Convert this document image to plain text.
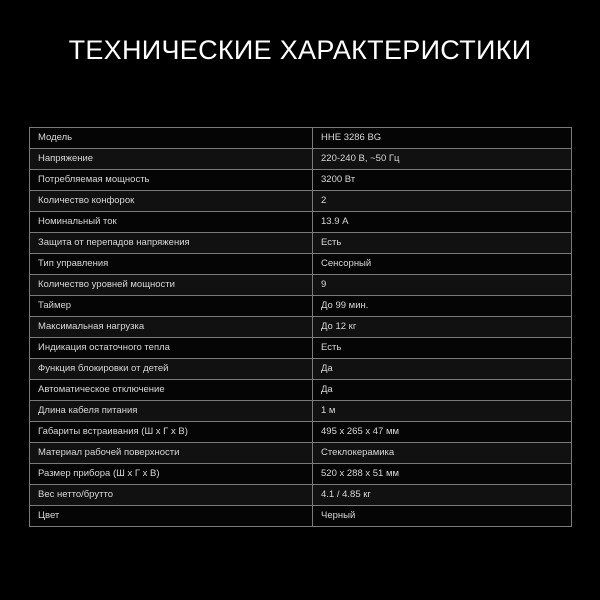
ТЕХНИЧЕСКИЕ ХАРАКТЕРИСТИКИ
Модель	HHE 3286 BG
Напряжение	220-240 В, ~50 Гц
Потребляемая мощность	3200 Вт
Количество конфорок	2
Номинальный ток	13.9 А
Защита от перепадов напряжения	Есть
Тип управления	Сенсорный
Количество уровней мощности	9
Таймер	До 99 мин.
Максимальная нагрузка	До 12 кг
Индикация остаточного тепла	Есть
Функция блокировки от детей	Да
Автоматическое отключение	Да
Длина кабеля питания	1 м
Габариты встраивания (Ш х Г х В)	495 х 265 х 47 мм
Материал рабочей поверхности	Стеклокерамика
Размер прибора (Ш х Г х В)	520 х 288 х 51 мм
Вес нетто/брутто	4.1 / 4.85 кг
Цвет	Черный
